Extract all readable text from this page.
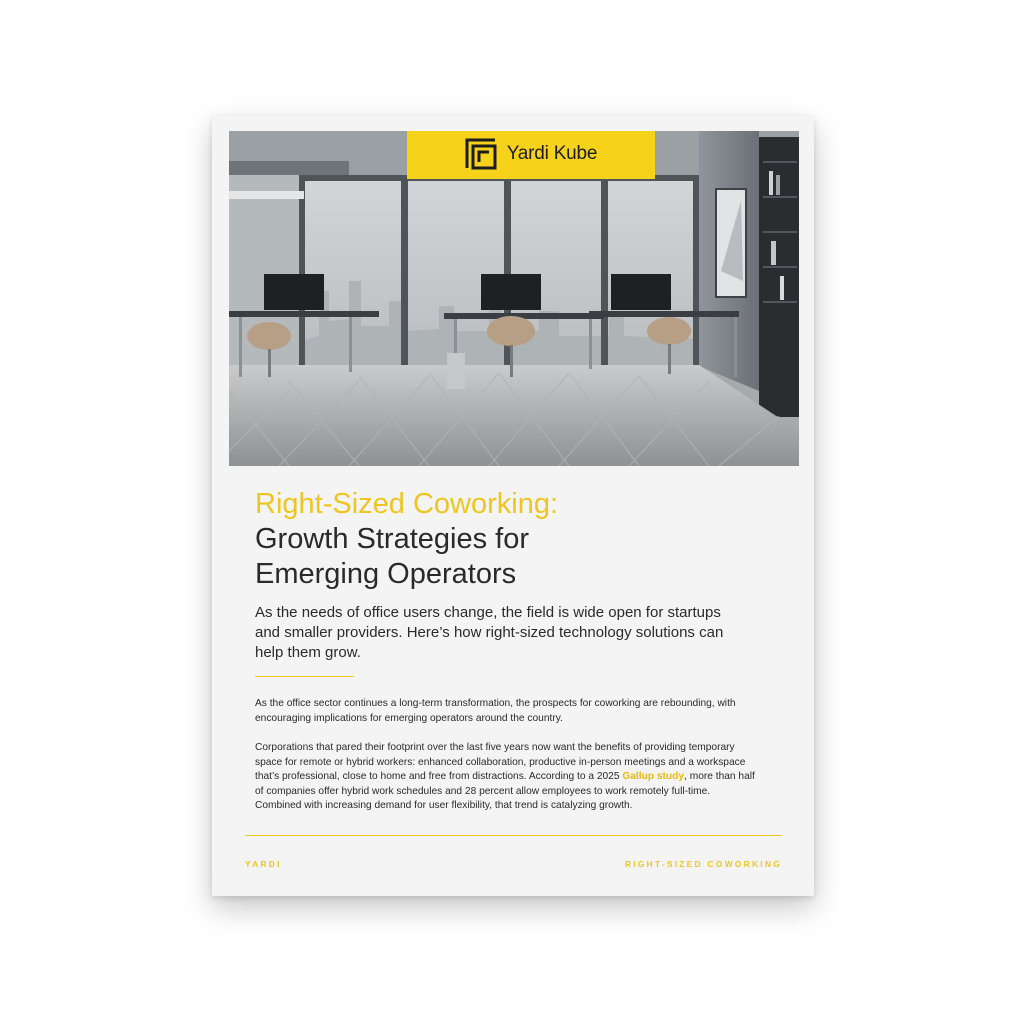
Yardi Kube
Right-Sized Coworking:
Growth Strategies for
Emerging Operators

As the needs of office users change, the field is wide open for startups and smaller providers. Here’s how right-sized technology solutions can help them grow.

As the office sector continues a long-term transformation, the prospects for coworking are rebounding, with encouraging implications for emerging operators around the country.

Corporations that pared their footprint over the last five years now want the benefits of providing temporary space for remote or hybrid workers: enhanced collaboration, productive in-person meetings and a workspace that’s professional, close to home and free from distractions. According to a 2025 Gallup study, more than half of companies offer hybrid work schedules and 28 percent allow employees to work remotely full-time. Combined with increasing demand for user flexibility, that trend is catalyzing growth.

YARDI	RIGHT-SIZED COWORKING
